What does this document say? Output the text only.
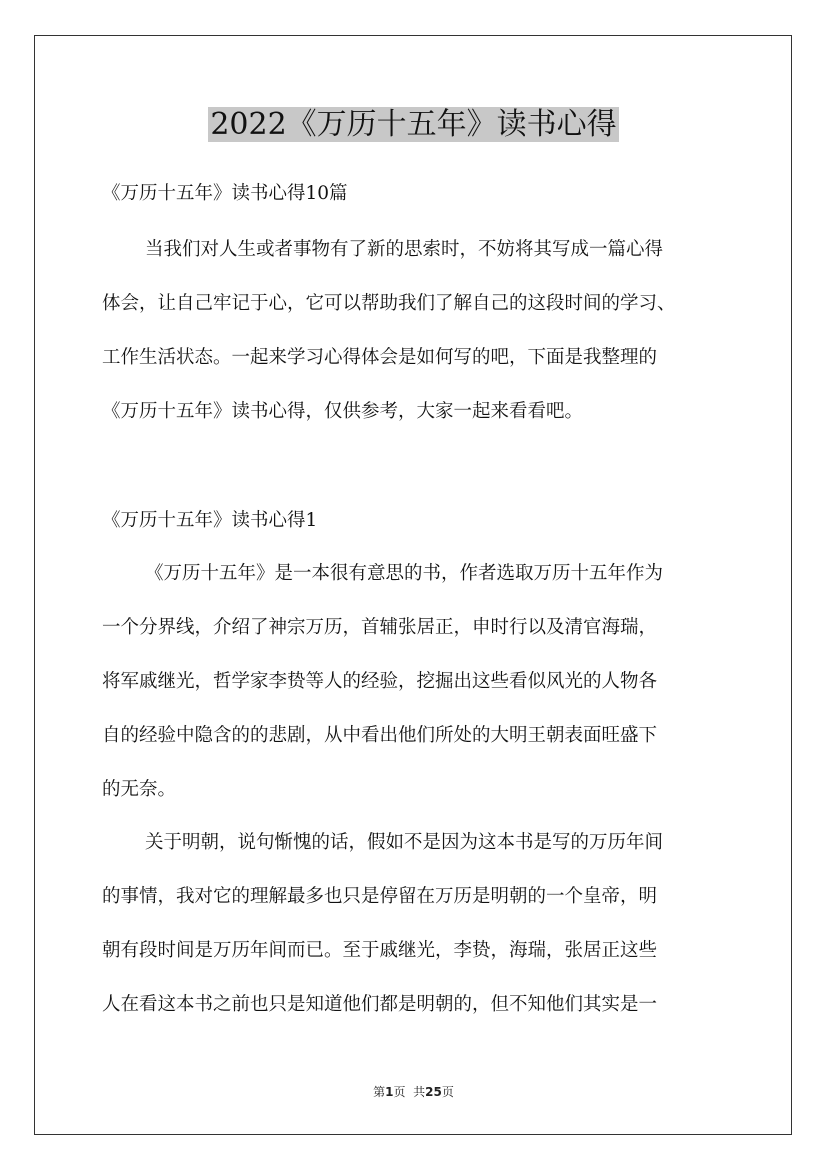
2022《万历十五年》读书心得
《万历十五年》读书心得10篇
当我们对人生或者事物有了新的思索时，不妨将其写成一篇心得
体会，让自己牢记于心，它可以帮助我们了解自己的这段时间的学习、
工作生活状态。一起来学习心得体会是如何写的吧，下面是我整理的
《万历十五年》读书心得，仅供参考，大家一起来看看吧。
《万历十五年》读书心得1
《万历十五年》是一本很有意思的书，作者选取万历十五年作为
一个分界线，介绍了神宗万历，首辅张居正，申时行以及清官海瑞，
将军戚继光，哲学家李贽等人的经验，挖掘出这些看似风光的人物各
自的经验中隐含的的悲剧，从中看出他们所处的大明王朝表面旺盛下
的无奈。
关于明朝，说句惭愧的话，假如不是因为这本书是写的万历年间
的事情，我对它的理解最多也只是停留在万历是明朝的一个皇帝，明
朝有段时间是万历年间而已。至于戚继光，李贽，海瑞，张居正这些
人在看这本书之前也只是知道他们都是明朝的，但不知他们其实是一
第1页 共25页
